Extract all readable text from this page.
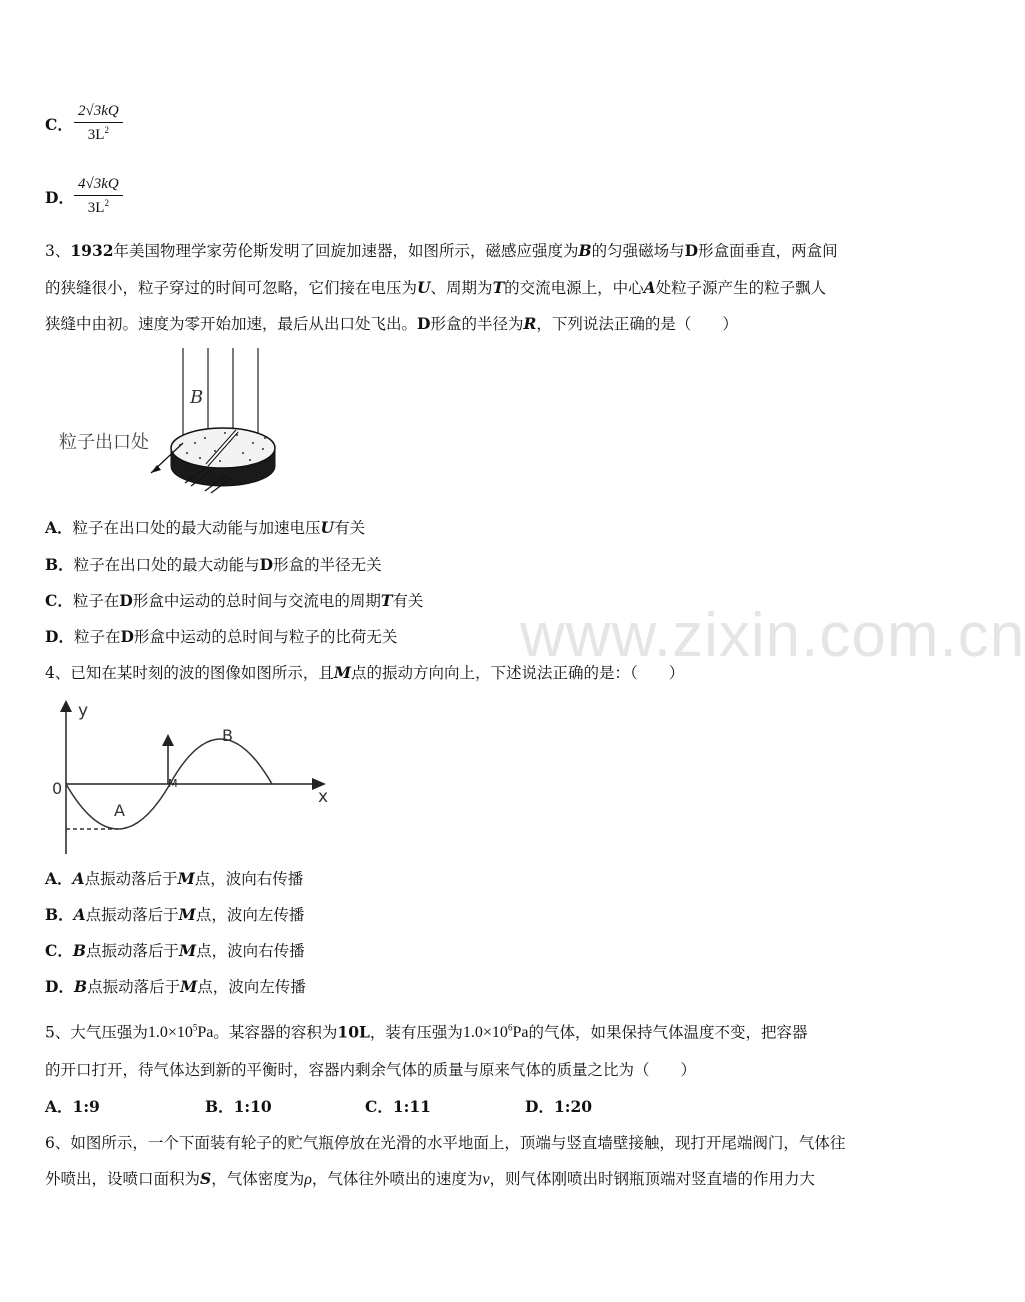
C． $\frac{2√3kQ}{3L^2}$
D． $\frac{4√3kQ}{3L^2}$
3、1932年美国物理学家劳伦斯发明了回旋加速器，如图所示，磁感应强度为B的匀强磁场与D形盒面垂直，两盒间
的狭缝很小，粒子穿过的时间可忽略，它们接在电压为U、周期为T的交流电源上，中心A处粒子源产生的粒子飘人
狭缝中由初。速度为零开始加速，最后从出口处飞出。D形盒的半径为R，下列说法正确的是（　　）
B
粒子出口处
A．粒子在出口处的最大动能与加速电压U有关
B．粒子在出口处的最大动能与D形盒的半径无关
C．粒子在D形盒中运动的总时间与交流电的周期T有关
D．粒子在D形盒中运动的总时间与粒子的比荷无关 www.zixin.com.cn
4、已知在某时刻的波的图像如图所示，且M点的振动方向向上，下述说法正确的是：（　　）
y
x
0	M
A
B
A．A点振动落后于M点，波向右传播
B．A点振动落后于M点，波向左传播
C．B点振动落后于M点，波向右传播
D．B点振动落后于M点，波向左传播
5、大气压强为$1.0\times 10^5Pa$。某容器的容积为10L，装有压强为$1.0\times 10^6Pa$的气体，如果保持气体温度不变，把容器
的开口打开，待气体达到新的平衡时，容器内剩余气体的质量与原来气体的质量之比为（　　）
A．1:9	B．1:10	C．1:11	D．1:20
6、如图所示，一个下面装有轮子的贮气瓶停放在光滑的水平地面上，顶端与竖直墙壁接触，现打开尾端阀门，气体往
外喷出，设喷口面积为S，气体密度为ρ，气体往外喷出的速度为v，则气体刚喷出时钢瓶顶端对竖直墙的作用力大
